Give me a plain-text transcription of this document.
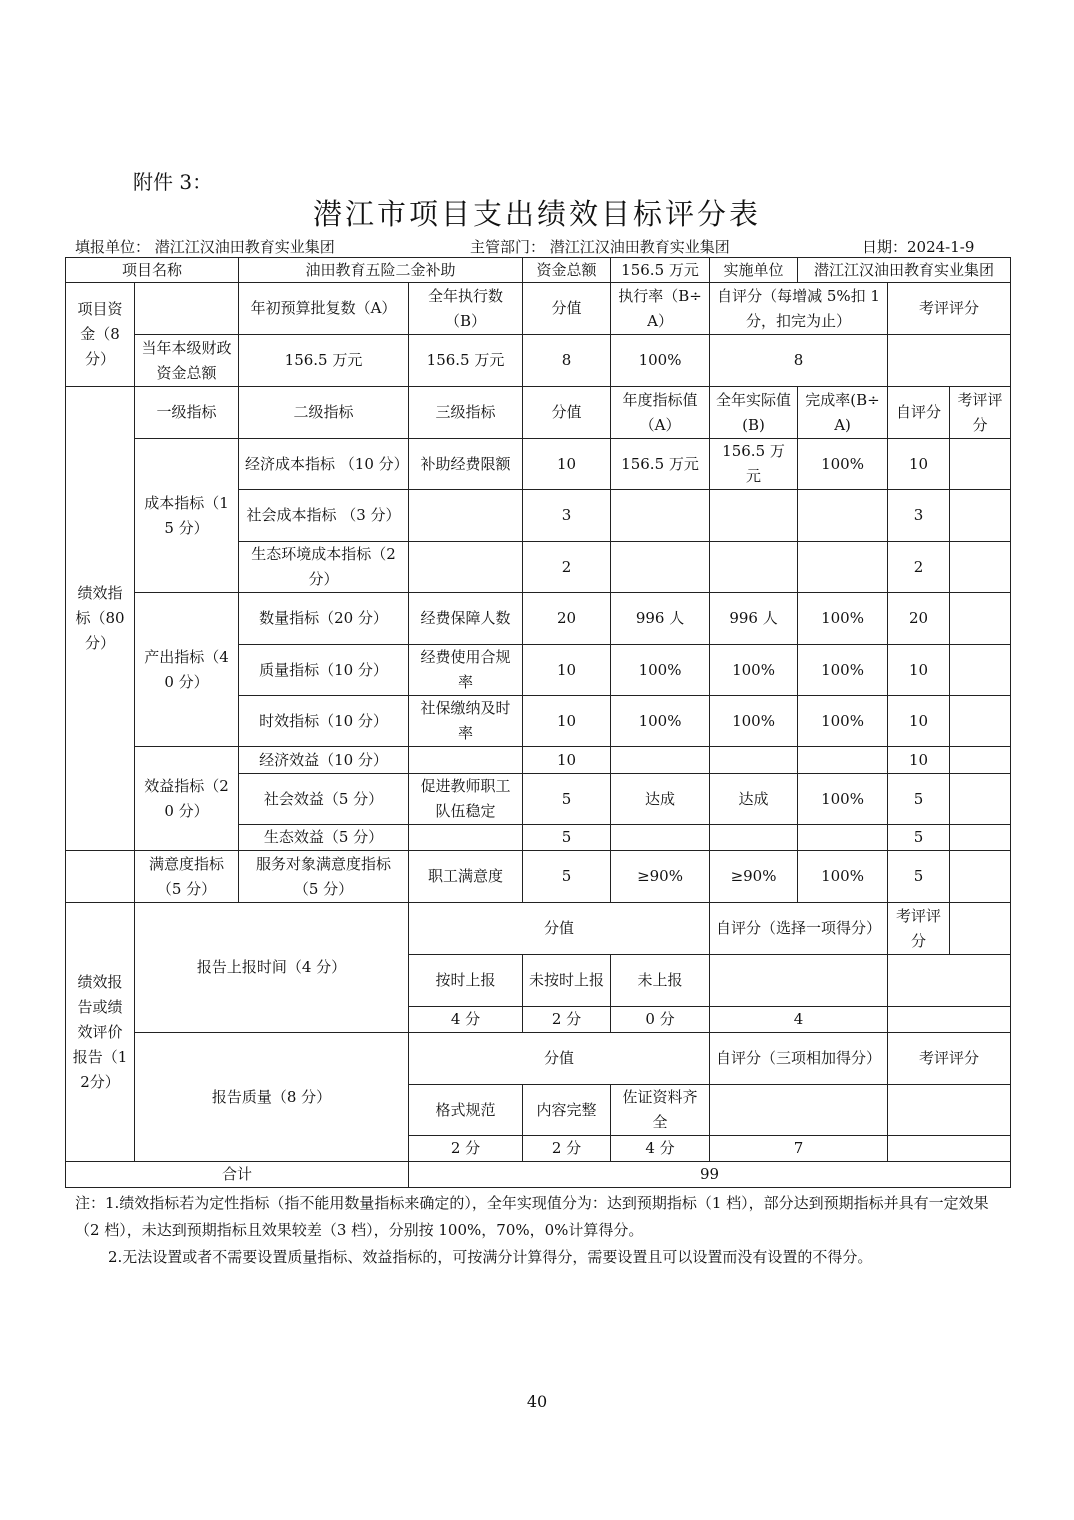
附件 3：
潜江市项目支出绩效目标评分表
填报单位： 潜江江汉油田教育实业集团	主管部门： 潜江江汉油田教育实业集团	日期：2024-1-9
项目名称		油田教育五险二金补助		资金总额	156.5 万元	实施单位	潜江江汉油田教育实业集团		
项目资金（8分）		年初预算批复数（A）	全年执行数（B）	分值	执行率（B÷A）	自评分（每增减 5%扣 1 分，扣完为止）		考评评分	
	当年本级财政资金总额	156.5 万元	156.5 万元	8	100%	8			
绩效指标（80分）	一级指标	二级指标	三级指标	分值	年度指标值（A）	全年实际值(B)	完成率(B÷A)	自评分	考评评分
	成本指标（15 分）	经济成本指标 （10 分）	补助经费限额	10	156.5 万元	156.5 万元	100%	10	
		社会成本指标 （3 分）		3				3	
		生态环境成本指标（2 分）		2				2	
	产出指标（40 分）	数量指标（20 分）	经费保障人数	20	996 人	996 人	100%	20	
		质量指标（10 分）	经费使用合规率	10	100%	100%	100%	10	
		时效指标（10 分）	社保缴纳及时率	10	100%	100%	100%	10	
	效益指标（20 分）	经济效益（10 分）		10				10	
		社会效益（5 分）	促进教师职工队伍稳定	5	达成	达成	100%	5	
		生态效益（5 分）		5				5	
	满意度指标（5 分）	服务对象满意度指标（5 分）	职工满意度	5	≥90%	≥90%	100%	5	
绩效报告或绩效评价报告（12分）	报告上报时间（4 分）		分值			自评分（选择一项得分）		考评评分	
			按时上报	未按时上报	未上报				
			4 分	2 分	0 分	4			
	报告质量（8 分）		分值			自评分（三项相加得分）		考评评分	
			格式规范	内容完整	佐证资料齐全				
			2 分	2 分	4 分	7			
合计			99						

注：1.绩效指标若为定性指标（指不能用数量指标来确定的），全年实现值分为：达到预期指标（1 档），部分达到预期指标并具有一定效果（2 档），未达到预期指标且效果较差（3 档），分别按 100%，70%，0%计算得分。

2.无法设置或者不需要设置质量指标、效益指标的，可按满分计算得分，需要设置且可以设置而没有设置的不得分。

40
